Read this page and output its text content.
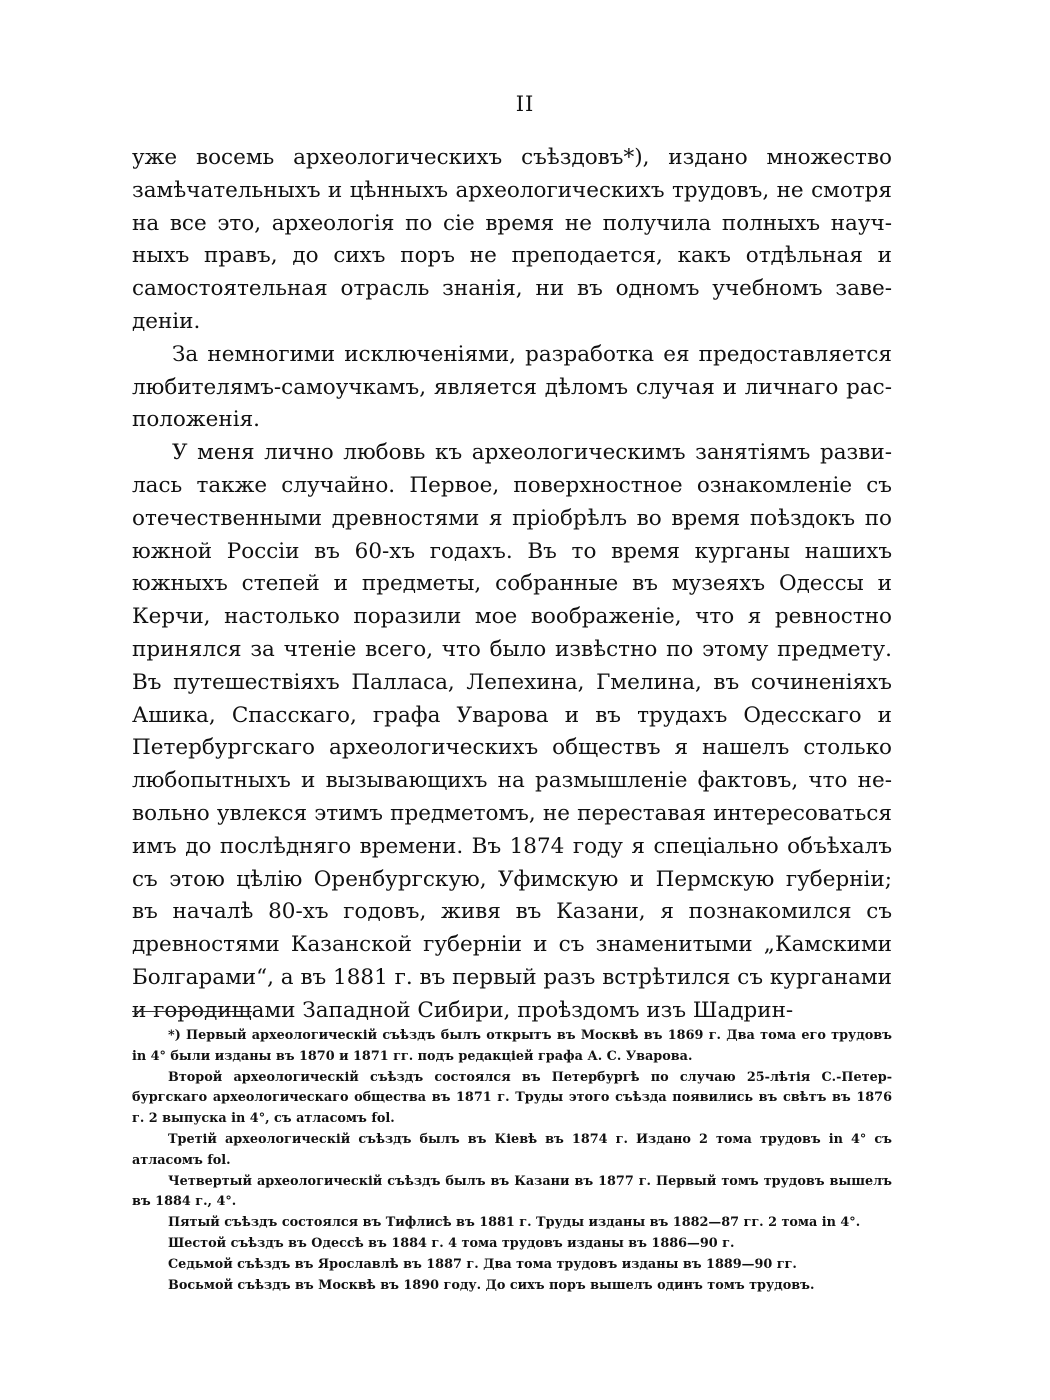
II

уже восемь археологическихъ съѣздовъ*), издано множество замѣчательныхъ и цѣнныхъ археологическихъ трудовъ, не смотря на все это, археологія по сіе время не получила полныхъ научныхъ правъ, до сихъ поръ не преподается, какъ отдѣльная и самостоятельная отрасль знанія, ни въ одномъ учебномъ заведеніи.

За немногими исключеніями, разработка ея предоставляется любителямъ-самоучкамъ, является дѣломъ случая и личнаго расположенія.

У меня лично любовь къ археологическимъ занятіямъ развилась также случайно. Первое, поверхностное ознакомленіе съ отечественными древностями я пріобрѣлъ во время поѣздокъ по южной Россіи въ 60-хъ годахъ. Въ то время курганы нашихъ южныхъ степей и предметы, собранные въ музеяхъ Одессы и Керчи, настолько поразили мое воображеніе, что я ревностно принялся за чтеніе всего, что было извѣстно по этому предмету. Въ путешествіяхъ Палласа, Лепехина, Гмелина, въ сочиненіяхъ Ашика, Спасскаго, графа Уварова и въ трудахъ Одесскаго и Петербургскаго археологическихъ обществъ я нашелъ столько любопытныхъ и вызывающихъ на размышленіе фактовъ, что невольно увлекся этимъ предметомъ, не переставая интересоваться имъ до послѣдняго времени. Въ 1874 году я спеціально объѣхалъ съ этою цѣлію Оренбургскую, Уфимскую и Пермскую губерніи; въ началѣ 80-хъ годовъ, живя въ Казани, я познакомился съ древностями Казанской губерніи и съ знаменитыми „Камскими Болгарами“, а въ 1881 г. въ первый разъ встрѣтился съ курганами и городищами Западной Сибири, проѣздомъ изъ Шадрин-

*) Первый археологическій съѣздъ былъ открытъ въ Москвѣ въ 1869 г. Два тома его трудовъ in 4° были изданы въ 1870 и 1871 гг. подъ редакціей графа А. С. Уварова.

Второй археологическій съѣздъ состоялся въ Петербургѣ по случаю 25-лѣтія С.-Петербургскаго археологическаго общества въ 1871 г. Труды этого съѣзда появились въ свѣтъ въ 1876 г. 2 выпуска in 4°, съ атласомъ fol.

Третій археологическій съѣздъ былъ въ Кіевѣ въ 1874 г. Издано 2 тома трудовъ in 4° съ атласомъ fol.

Четвертый археологическій съѣздъ былъ въ Казани въ 1877 г. Первый томъ трудовъ вышелъ въ 1884 г., 4°.

Пятый съѣздъ состоялся въ Тифлисѣ въ 1881 г. Труды изданы въ 1882—87 гг. 2 тома in 4°.

Шестой съѣздъ въ Одессѣ въ 1884 г. 4 тома трудовъ изданы въ 1886—90 г.

Седьмой съѣздъ въ Ярославлѣ въ 1887 г. Два тома трудовъ изданы въ 1889—90 гг.

Восьмой съѣздъ въ Москвѣ въ 1890 году. До сихъ поръ вышелъ одинъ томъ трудовъ.
